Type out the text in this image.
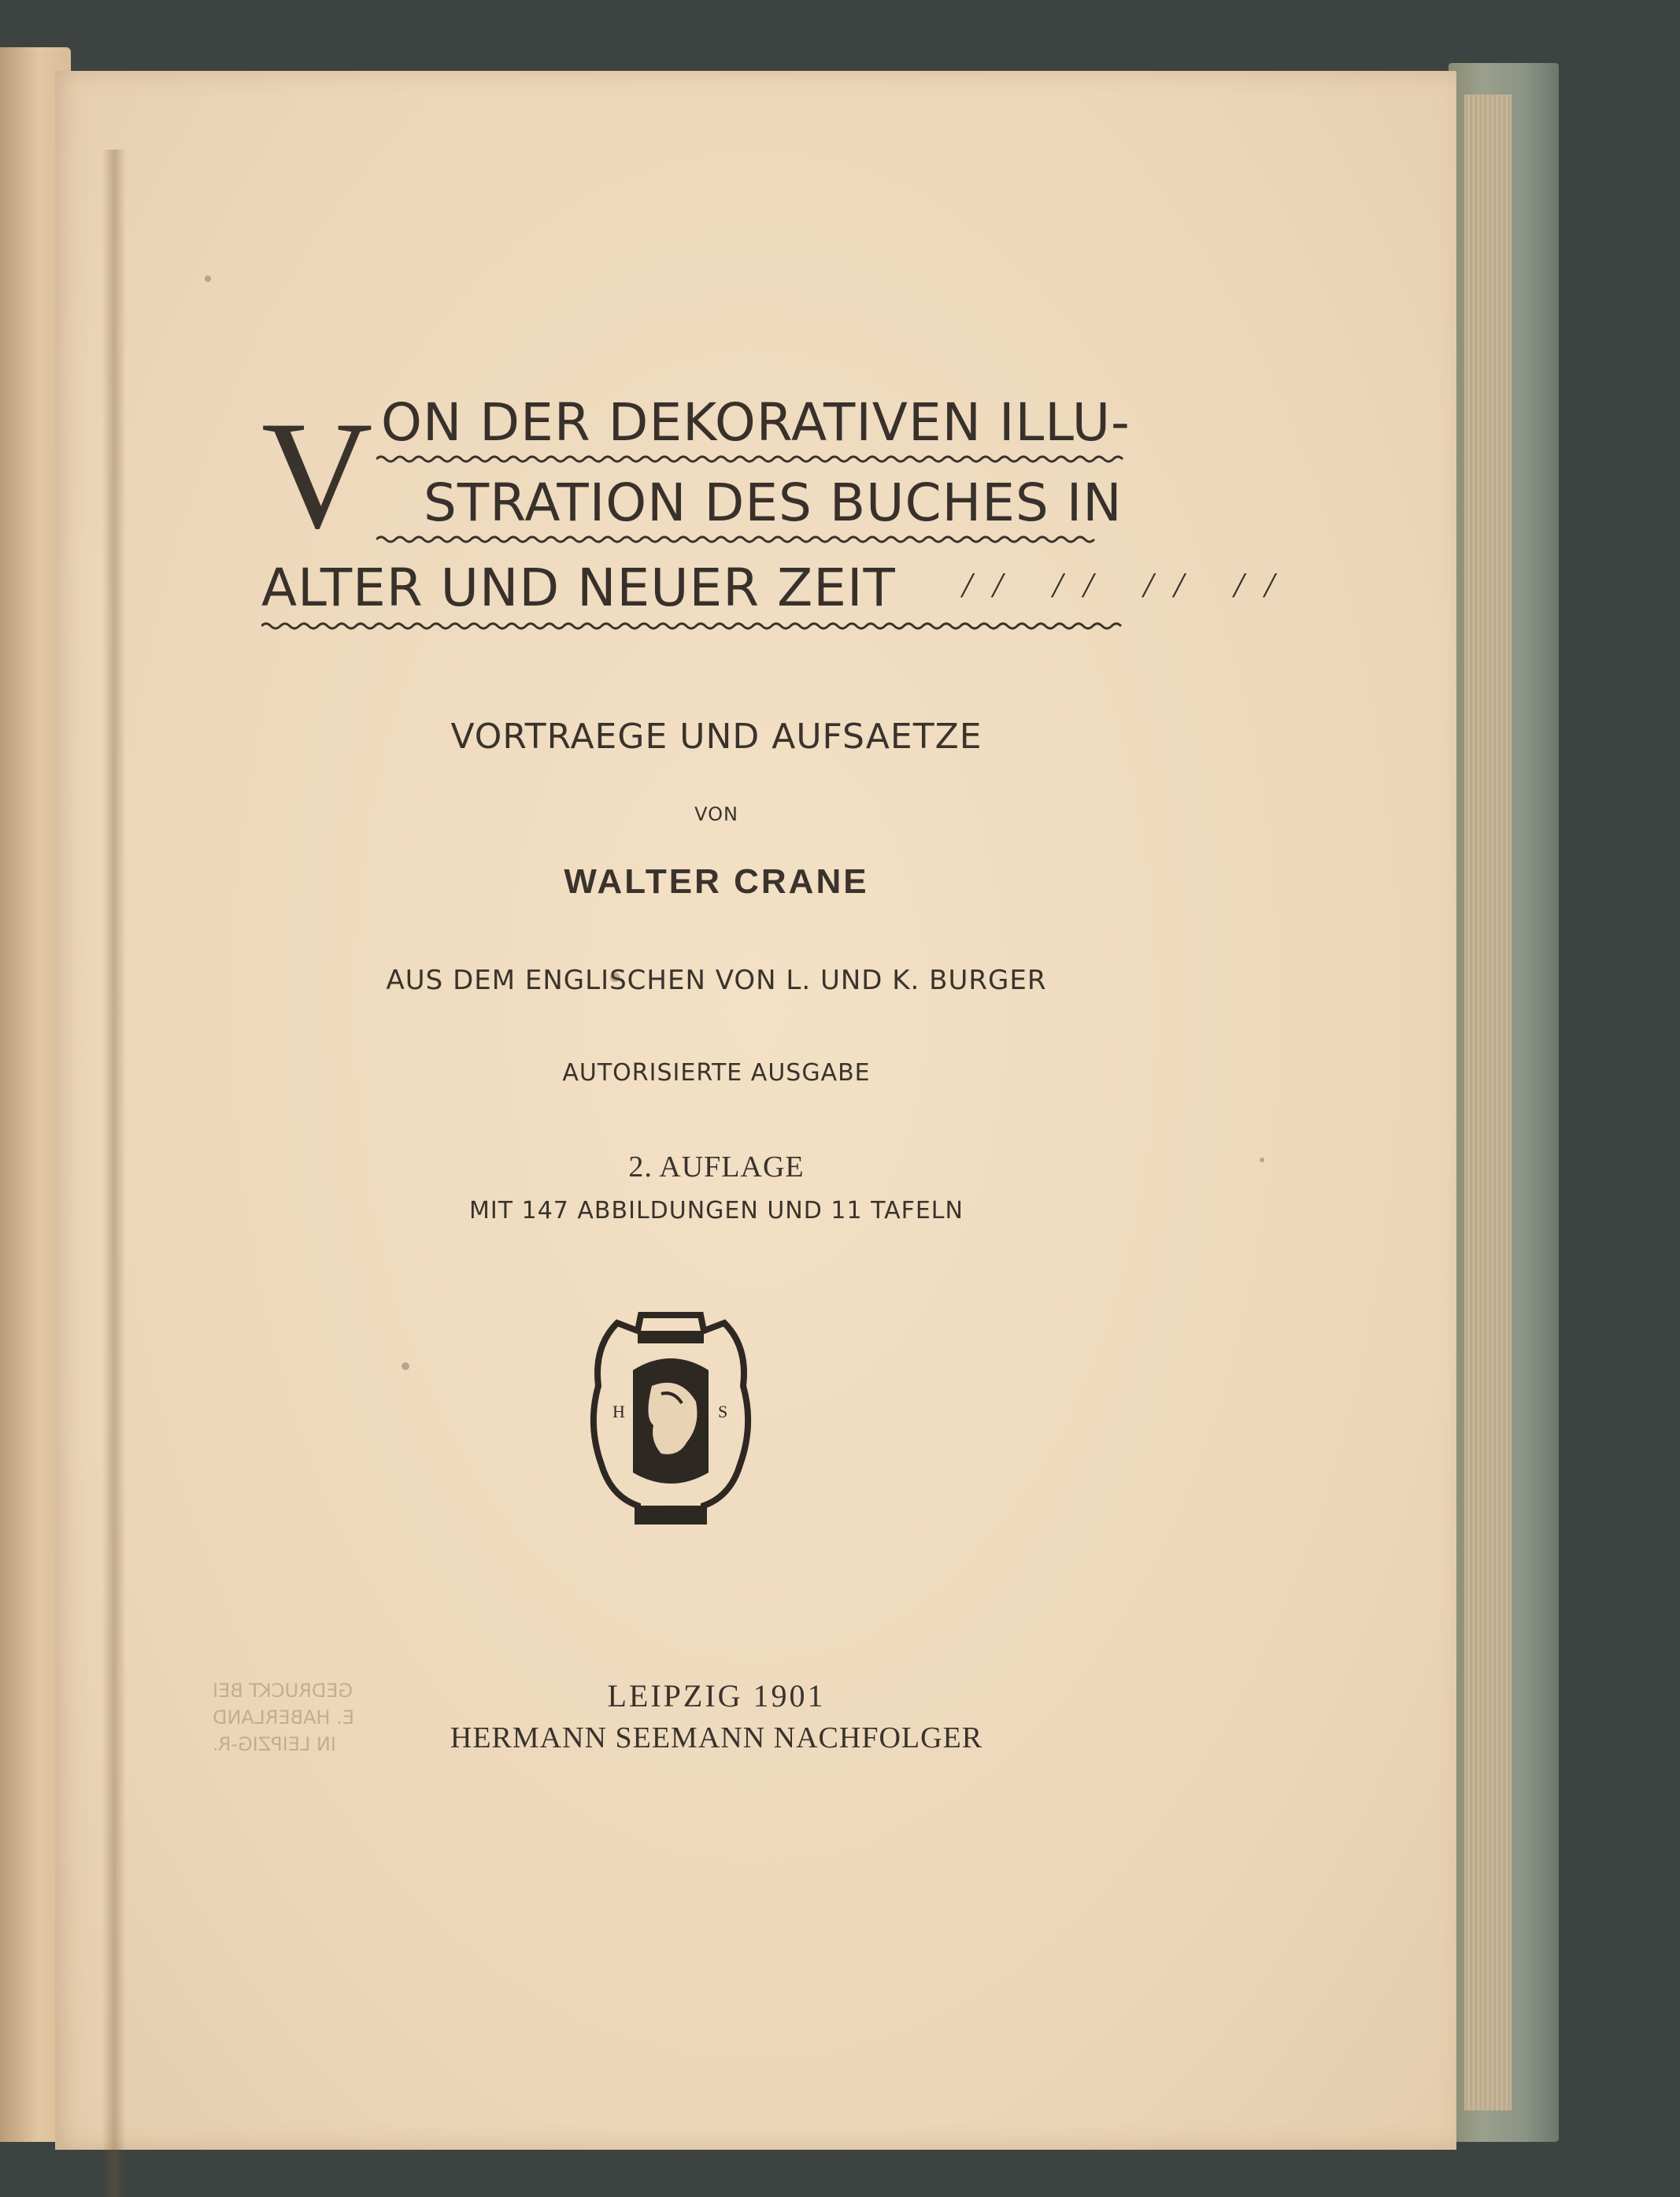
V ON DER DEKORATIVEN ILLU-
STRATION DES BUCHES IN
ALTER UND NEUER ZEIT // // // //
VORTRAEGE UND AUFSAETZE
VON
WALTER CRANE
AUS DEM ENGLISCHEN VON L. UND K. BURGER
AUTORISIERTE AUSGABE
2. AUFLAGE
MIT 147 ABBILDUNGEN UND 11 TAFELN
H	S
GEDRUCKT BEI
E. HABERLAND
IN LEIPZIG-R.
LEIPZIG 1901
HERMANN SEEMANN NACHFOLGER
